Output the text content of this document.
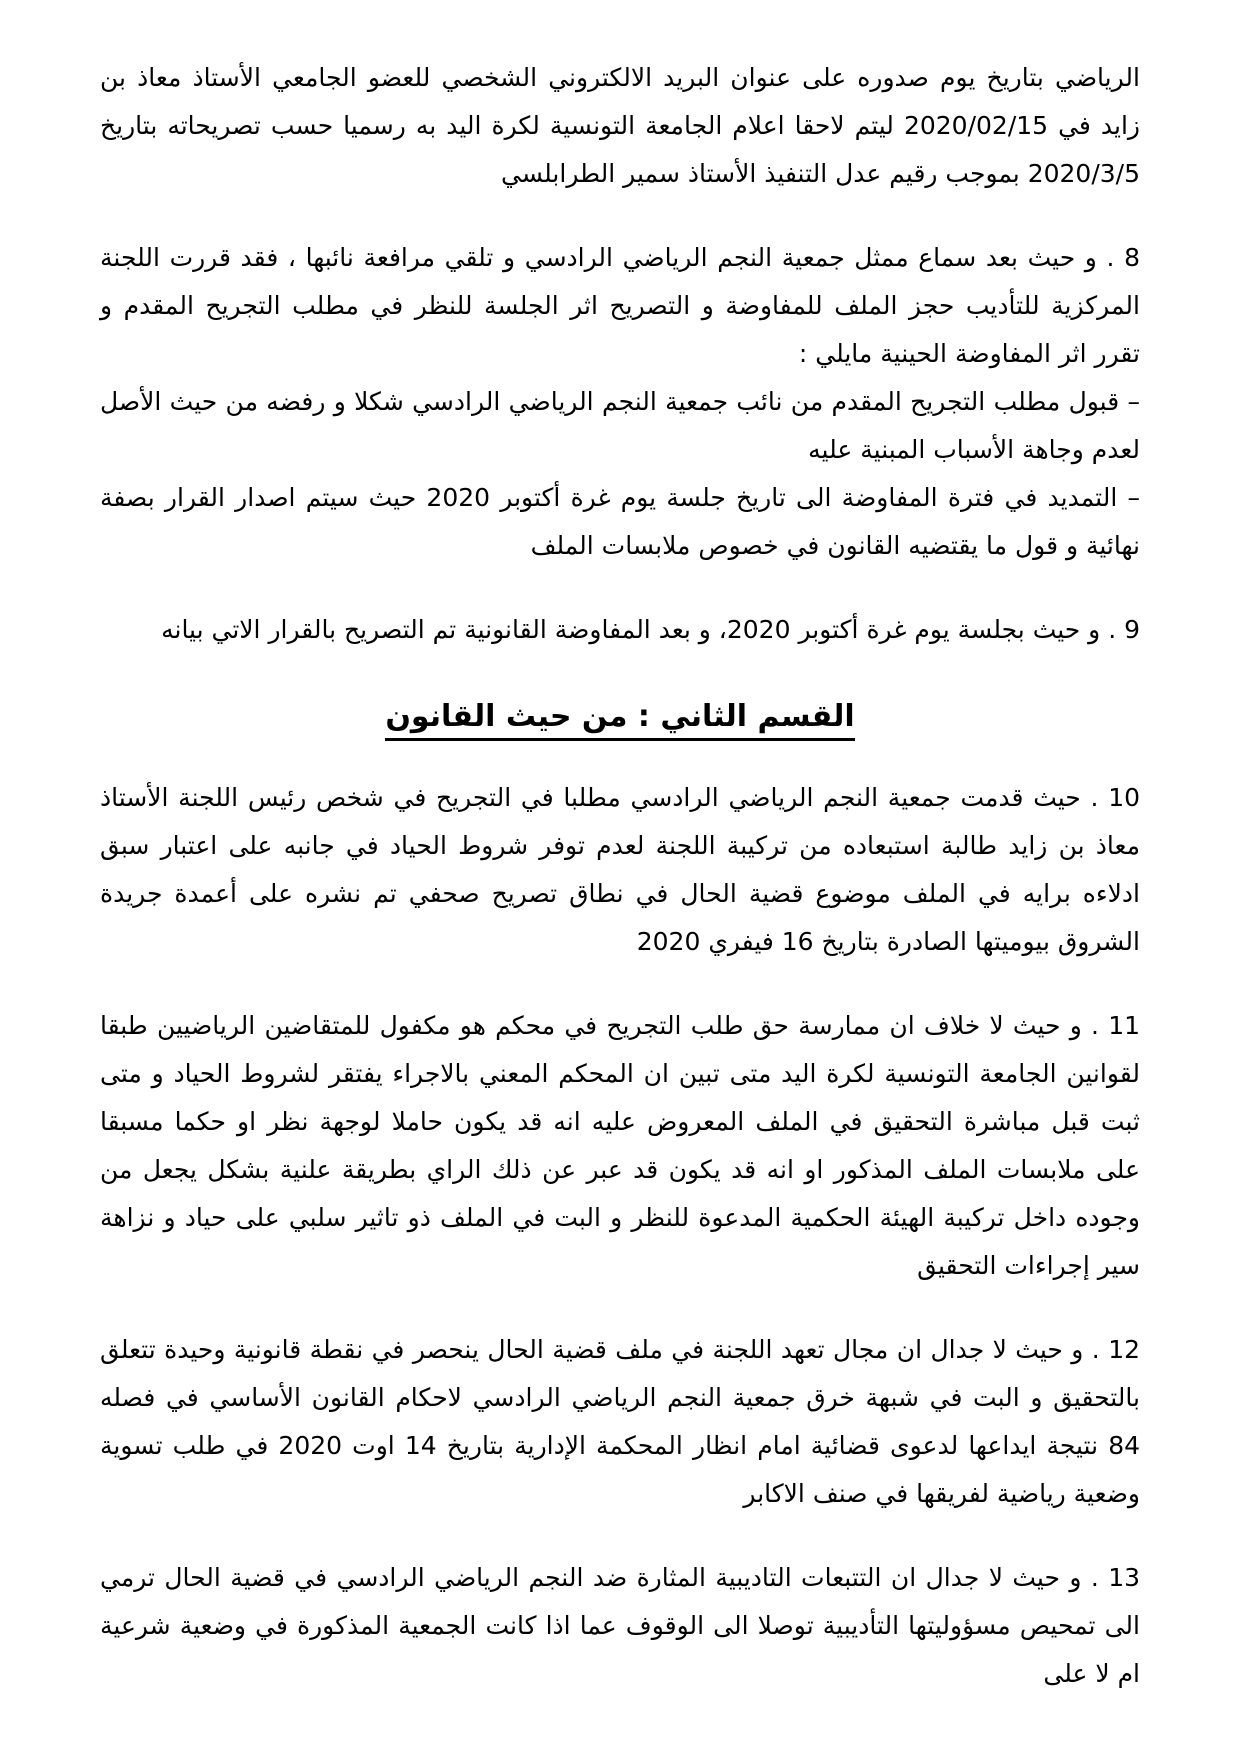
الرياضي بتاريخ يوم صدوره على عنوان البريد الالكتروني الشخصي للعضو الجامعي الأستاذ معاذ بن زايد في 2020/02/15 ليتم لاحقا اعلام الجامعة التونسية لكرة اليد به رسميا حسب تصريحاته بتاريخ 2020/3/5 بموجب رقيم عدل التنفيذ الأستاذ سمير الطرابلسي

8 . و حيث بعد سماع ممثل جمعية النجم الرياضي الرادسي و تلقي مرافعة نائبها ، فقد قررت اللجنة المركزية للتأديب حجز الملف للمفاوضة و التصريح اثر الجلسة للنظر في مطلب التجريح المقدم و تقرر اثر المفاوضة الحينية مايلي :

– قبول مطلب التجريح المقدم من نائب جمعية النجم الرياضي الرادسي شكلا و رفضه من حيث الأصل لعدم وجاهة الأسباب المبنية عليه

– التمديد في فترة المفاوضة الى تاريخ جلسة يوم غرة أكتوبر 2020 حيث سيتم اصدار القرار بصفة نهائية و قول ما يقتضيه القانون في خصوص ملابسات الملف

9 . و حيث بجلسة يوم غرة أكتوبر 2020، و بعد المفاوضة القانونية تم التصريح بالقرار الاتي بيانه

القسم الثاني : من حيث القانون

10 . حيث قدمت جمعية النجم الرياضي الرادسي مطلبا في التجريح في شخص رئيس اللجنة الأستاذ معاذ بن زايد طالبة استبعاده من تركيبة اللجنة لعدم توفر شروط الحياد في جانبه على اعتبار سبق ادلاءه برايه في الملف موضوع قضية الحال في نطاق تصريح صحفي تم نشره على أعمدة جريدة الشروق بيوميتها الصادرة بتاريخ 16 فيفري 2020

11 . و حيث لا خلاف ان ممارسة حق طلب التجريح في محكم هو مكفول للمتقاضين الرياضيين طبقا لقوانين الجامعة التونسية لكرة اليد متى تبين ان المحكم المعني بالاجراء يفتقر لشروط الحياد و متى ثبت قبل مباشرة التحقيق في الملف المعروض عليه انه قد يكون حاملا لوجهة نظر او حكما مسبقا على ملابسات الملف المذكور او انه قد يكون قد عبر عن ذلك الراي بطريقة علنية بشكل يجعل من وجوده داخل تركيبة الهيئة الحكمية المدعوة للنظر و البت في الملف ذو تاثير سلبي على حياد و نزاهة سير إجراءات التحقيق

12 . و حيث لا جدال ان مجال تعهد اللجنة في ملف قضية الحال ينحصر في نقطة قانونية وحيدة تتعلق بالتحقيق و البت في شبهة خرق جمعية النجم الرياضي الرادسي لاحكام القانون الأساسي في فصله 84 نتيجة ايداعها لدعوى قضائية امام انظار المحكمة الإدارية بتاريخ 14 اوت 2020 في طلب تسوية وضعية رياضية لفريقها في صنف الاكابر

13 . و حيث لا جدال ان التتبعات التاديبية المثارة ضد النجم الرياضي الرادسي في قضية الحال ترمي الى تمحيص مسؤوليتها التأديبية توصلا الى الوقوف عما اذا كانت الجمعية المذكورة في وضعية شرعية ام لا على
